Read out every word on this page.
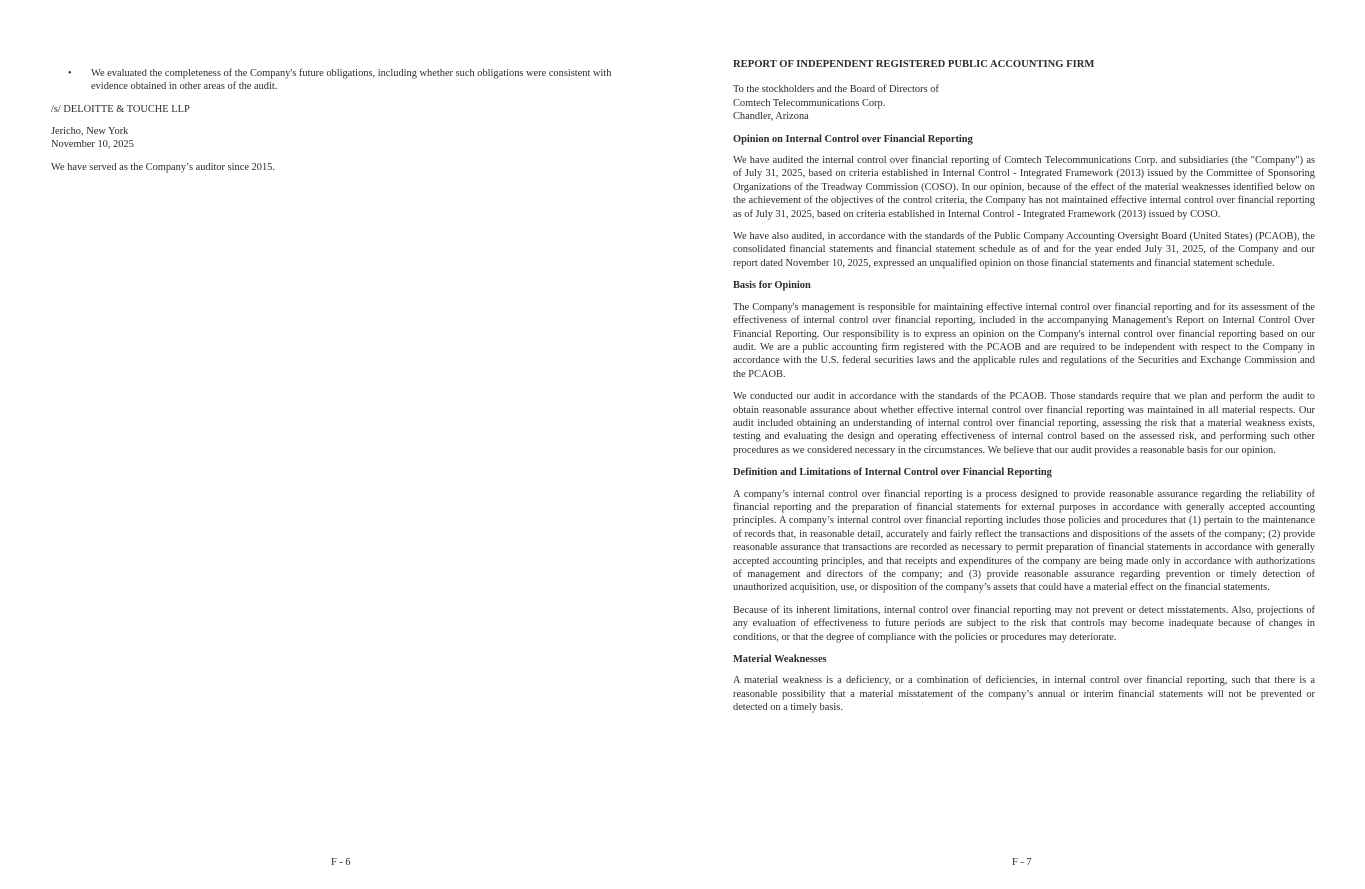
•	We evaluated the completeness of the Company's future obligations, including whether such obligations were consistent with evidence obtained in other areas of the audit.

/s/ DELOITTE & TOUCHE LLP

Jericho, New York

November 10, 2025

We have served as the Company’s auditor since 2015.

F - 6

REPORT OF INDEPENDENT REGISTERED PUBLIC ACCOUNTING FIRM

To the stockholders and the Board of Directors of

Comtech Telecommunications Corp.

Chandler, Arizona

Opinion on Internal Control over Financial Reporting

We have audited the internal control over financial reporting of Comtech Telecommunications Corp. and subsidiaries (the "Company") as of July 31, 2025, based on criteria established in Internal Control - Integrated Framework (2013) issued by the Committee of Sponsoring Organizations of the Treadway Commission (COSO). In our opinion, because of the effect of the material weaknesses identified below on the achievement of the objectives of the control criteria, the Company has not maintained effective internal control over financial reporting as of July 31, 2025, based on criteria established in Internal Control - Integrated Framework (2013) issued by COSO.

We have also audited, in accordance with the standards of the Public Company Accounting Oversight Board (United States) (PCAOB), the consolidated financial statements and financial statement schedule as of and for the year ended July 31, 2025, of the Company and our report dated November 10, 2025, expressed an unqualified opinion on those financial statements and financial statement schedule.

Basis for Opinion

The Company's management is responsible for maintaining effective internal control over financial reporting and for its assessment of the effectiveness of internal control over financial reporting, included in the accompanying Management's Report on Internal Control Over Financial Reporting. Our responsibility is to express an opinion on the Company's internal control over financial reporting based on our audit. We are a public accounting firm registered with the PCAOB and are required to be independent with respect to the Company in accordance with the U.S. federal securities laws and the applicable rules and regulations of the Securities and Exchange Commission and the PCAOB.

We conducted our audit in accordance with the standards of the PCAOB. Those standards require that we plan and perform the audit to obtain reasonable assurance about whether effective internal control over financial reporting was maintained in all material respects. Our audit included obtaining an understanding of internal control over financial reporting, assessing the risk that a material weakness exists, testing and evaluating the design and operating effectiveness of internal control based on the assessed risk, and performing such other procedures as we considered necessary in the circumstances. We believe that our audit provides a reasonable basis for our opinion.

Definition and Limitations of Internal Control over Financial Reporting

A company’s internal control over financial reporting is a process designed to provide reasonable assurance regarding the reliability of financial reporting and the preparation of financial statements for external purposes in accordance with generally accepted accounting principles. A company’s internal control over financial reporting includes those policies and procedures that (1) pertain to the maintenance of records that, in reasonable detail, accurately and fairly reflect the transactions and dispositions of the assets of the company; (2) provide reasonable assurance that transactions are recorded as necessary to permit preparation of financial statements in accordance with generally accepted accounting principles, and that receipts and expenditures of the company are being made only in accordance with authorizations of management and directors of the company; and (3) provide reasonable assurance regarding prevention or timely detection of unauthorized acquisition, use, or disposition of the company’s assets that could have a material effect on the financial statements.

Because of its inherent limitations, internal control over financial reporting may not prevent or detect misstatements. Also, projections of any evaluation of effectiveness to future periods are subject to the risk that controls may become inadequate because of changes in conditions, or that the degree of compliance with the policies or procedures may deteriorate.

Material Weaknesses

A material weakness is a deficiency, or a combination of deficiencies, in internal control over financial reporting, such that there is a reasonable possibility that a material misstatement of the company’s annual or interim financial statements will not be prevented or detected on a timely basis.

F - 7
